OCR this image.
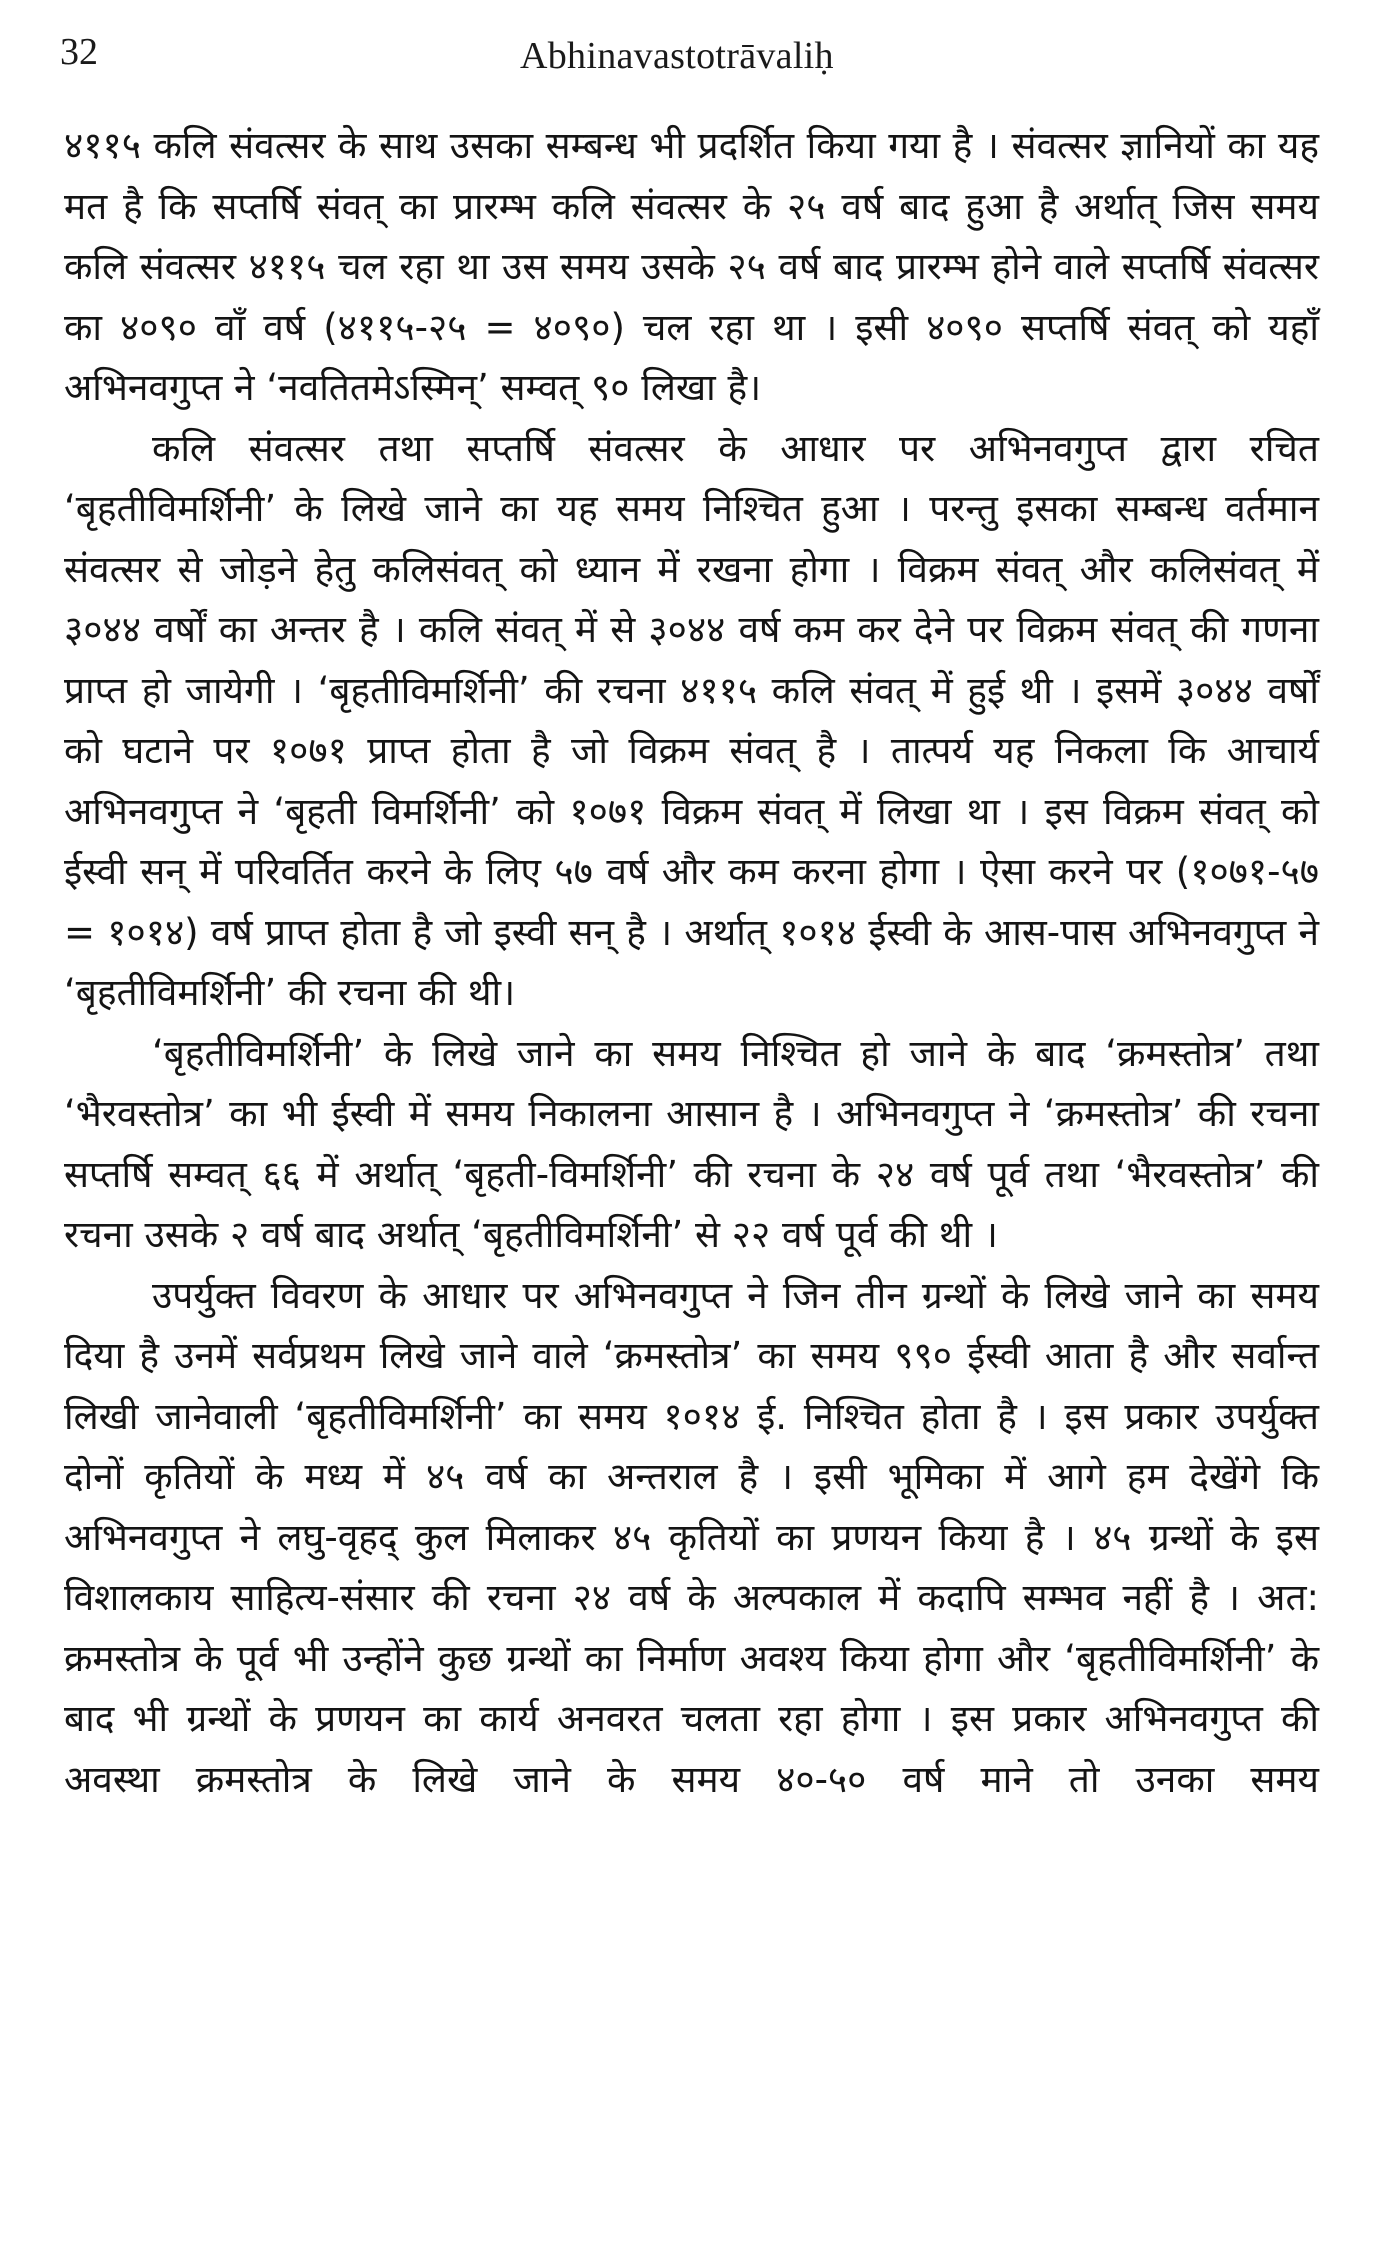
32	Abhinavastotrāvaliḥ

४११५ कलि संवत्सर के साथ उसका सम्बन्ध भी प्रदर्शित किया गया है । संवत्सर ज्ञानियों का यह मत है कि सप्तर्षि संवत् का प्रारम्भ कलि संवत्सर के २५ वर्ष बाद हुआ है अर्थात् जिस समय कलि संवत्सर ४११५ चल रहा था उस समय उसके २५ वर्ष बाद प्रारम्भ होने वाले सप्तर्षि संवत्सर का ४०९० वाँ वर्ष (४११५-२५ = ४०९०) चल रहा था । इसी ४०९० सप्तर्षि संवत् को यहाँ अभिनवगुप्त ने ‘नवतितमेऽस्मिन्’ सम्वत् ९० लिखा है।

कलि संवत्सर तथा सप्तर्षि संवत्सर के आधार पर अभिनवगुप्त द्वारा रचित ‘बृहतीविमर्शिनी’ के लिखे जाने का यह समय निश्चित हुआ । परन्तु इसका सम्बन्ध वर्तमान संवत्सर से जोड़ने हेतु कलिसंवत् को ध्यान में रखना होगा । विक्रम संवत् और कलिसंवत् में ३०४४ वर्षों का अन्तर है । कलि संवत् में से ३०४४ वर्ष कम कर देने पर विक्रम संवत् की गणना प्राप्त हो जायेगी । ‘बृहतीविमर्शिनी’ की रचना ४११५ कलि संवत् में हुई थी । इसमें ३०४४ वर्षों को घटाने पर १०७१ प्राप्त होता है जो विक्रम संवत् है । तात्पर्य यह निकला कि आचार्य अभिनवगुप्त ने ‘बृहती विमर्शिनी’ को १०७१ विक्रम संवत् में लिखा था । इस विक्रम संवत् को ईस्वी सन् में परिवर्तित करने के लिए ५७ वर्ष और कम करना होगा । ऐसा करने पर (१०७१-५७ = १०१४) वर्ष प्राप्त होता है जो इस्वी सन् है । अर्थात् १०१४ ईस्वी के आस-पास अभिनवगुप्त ने ‘बृहतीविमर्शिनी’ की रचना की थी।

‘बृहतीविमर्शिनी’ के लिखे जाने का समय निश्चित हो जाने के बाद ‘क्रमस्तोत्र’ तथा ‘भैरवस्तोत्र’ का भी ईस्वी में समय निकालना आसान है । अभिनवगुप्त ने ‘क्रमस्तोत्र’ की रचना सप्तर्षि सम्वत् ६६ में अर्थात् ‘बृहती-विमर्शिनी’ की रचना के २४ वर्ष पूर्व तथा ‘भैरवस्तोत्र’ की रचना उसके २ वर्ष बाद अर्थात् ‘बृहतीविमर्शिनी’ से २२ वर्ष पूर्व की थी ।

उपर्युक्त विवरण के आधार पर अभिनवगुप्त ने जिन तीन ग्रन्थों के लिखे जाने का समय दिया है उनमें सर्वप्रथम लिखे जाने वाले ‘क्रमस्तोत्र’ का समय ९९० ईस्वी आता है और सर्वान्त लिखी जानेवाली ‘बृहतीविमर्शिनी’ का समय १०१४ ई. निश्चित होता है । इस प्रकार उपर्युक्त दोनों कृतियों के मध्य में ४५ वर्ष का अन्तराल है । इसी भूमिका में आगे हम देखेंगे कि अभिनवगुप्त ने लघु-वृहद् कुल मिलाकर ४५ कृतियों का प्रणयन किया है । ४५ ग्रन्थों के इस विशालकाय साहित्य-संसार की रचना २४ वर्ष के अल्पकाल में कदापि सम्भव नहीं है । अत: क्रमस्तोत्र के पूर्व भी उन्होंने कुछ ग्रन्थों का निर्माण अवश्य किया होगा और ‘बृहतीविमर्शिनी’ के बाद भी ग्रन्थों के प्रणयन का कार्य अनवरत चलता रहा होगा । इस प्रकार अभिनवगुप्त की अवस्था क्रमस्तोत्र के लिखे जाने के समय ४०-५० वर्ष माने तो उनका समय
